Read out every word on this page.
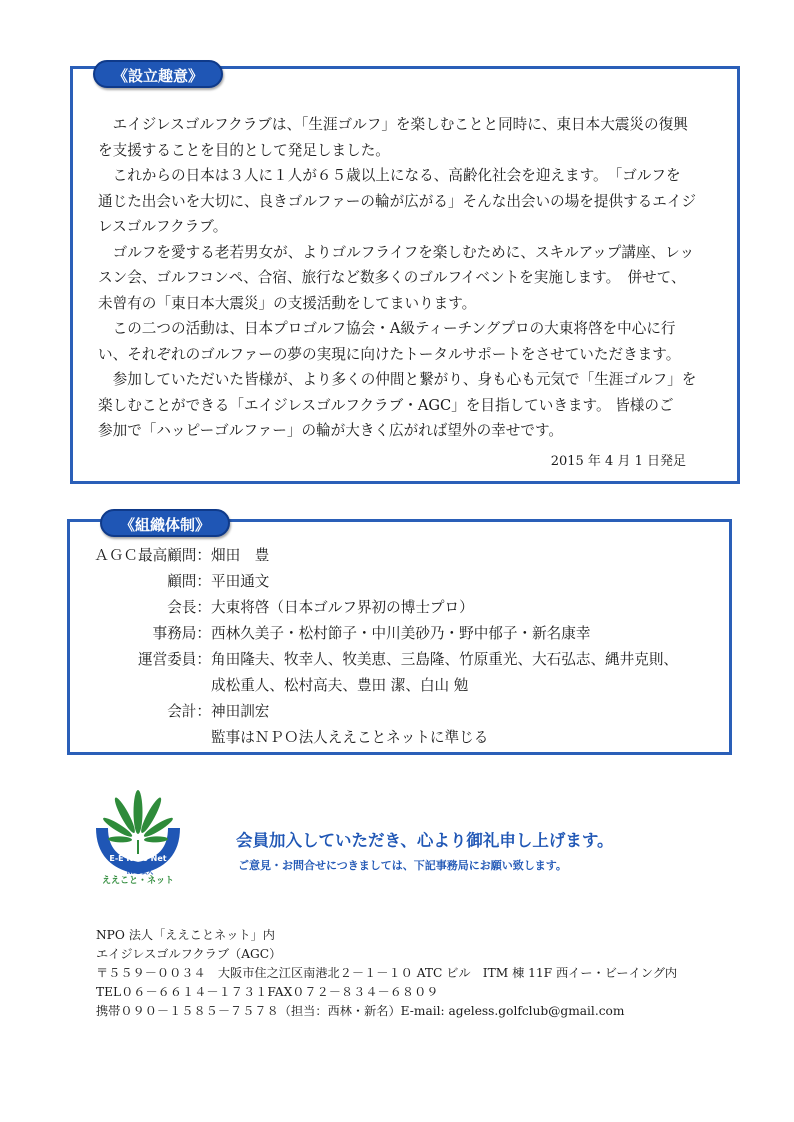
《設立趣意》

エイジレスゴルフクラブは、「生涯ゴルフ」を楽しむことと同時に、東日本大震災の復興

を支援することを目的として発足しました。

これからの日本は３人に１人が６５歳以上になる、高齢化社会を迎えます。　「ゴルフを

通じた出会いを大切に、良きゴルファーの輪が広がる」そんな出会いの場を提供するエイジ

レスゴルフクラブ。

ゴルフを愛する老若男女が、よりゴルフライフを楽しむために、スキルアップ講座、レッ

スン会、ゴルフコンペ、合宿、旅行など数多くのゴルフイベントを実施します。　併せて、

未曾有の「東日本大震災」の支援活動をしてまいります。

この二つの活動は、日本プロゴルフ協会・A級ティーチングプロの大東将啓を中心に行

い、それぞれのゴルファーの夢の実現に向けたトータルサポートをさせていただきます。

参加していただいた皆様が、より多くの仲間と繋がり、身も心も元気で「生涯ゴルフ」を

楽しむことができる「エイジレスゴルフクラブ・AGC」を目指していきます。 皆様のご

参加で「ハッピーゴルファー」の輪が大きく広がれば望外の幸せです。

2015 年 4 月 1 日発足
《組織体制》
ＡＧＣ最高顧問： 畑田　豊
顧問： 平田通文
会長： 大東将啓（日本ゴルフ界初の博士プロ）
事務局： 西林久美子・松村節子・中川美砂乃・野中郁子・新名康幸
運営委員： 角田隆夫、牧幸人、牧美恵、三島隆、竹原重光、大石弘志、縄井克則、
成松重人、松村高夫、豊田 潔、白山 勉
会計： 神田訓宏
監事はＮＰＯ法人ええことネットに準じる
E-E KoTo Net
NPO法人
ええこと・ネット
会員加入していただき、心より御礼申し上げます。
ご意見・お問合せにつきましては、下記事務局にお願い致します。
NPO 法人「ええことネット」内
エイジレスゴルフクラブ（AGC）
〒５５９－００３４　大阪市住之江区南港北２－１－１０ ATC ビル　ITM 棟 11F 西イー・ビーイング内
TEL０６－６６１４－１７３１FAX０７２－８３４－６８０９
携帯０９０－１５８５－７５７８（担当：西林・新名）E-mail: ageless.golfclub@gmail.com
